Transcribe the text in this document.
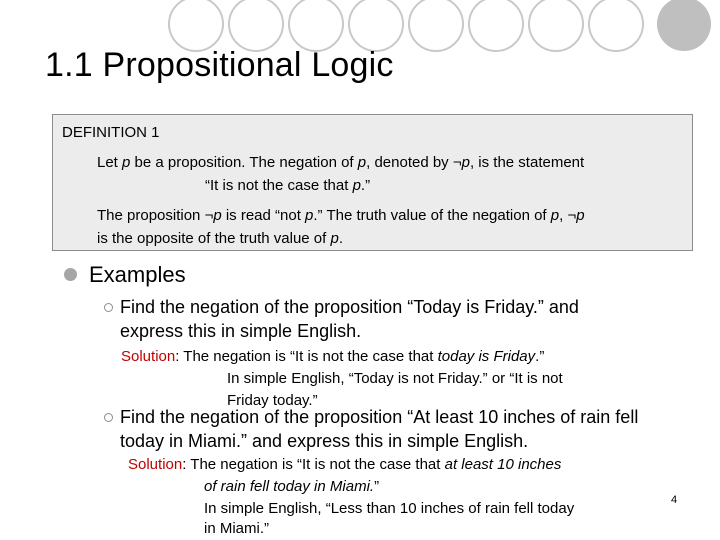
1.1 Propositional Logic
DEFINITION 1
Let p be a proposition. The negation of p, denoted by ¬p, is the statement
“It is not the case that p.”
The proposition ¬p is read “not p.” The truth value of the negation of p, ¬p
is the opposite of the truth value of p.
Examples
Find the negation of the proposition “Today is Friday.” and
express this in simple English.
Solution: The negation is “It is not the case that today is Friday.”
In simple English, “Today is not Friday.” or “It is not
Friday today.”
Find the negation of the proposition “At least 10 inches of rain fell
today in Miami.” and express this in simple English.
Solution: The negation is “It is not the case that at least 10 inches
of rain fell today in Miami.”
In simple English, “Less than 10 inches of rain fell today
in Miami.”
4
